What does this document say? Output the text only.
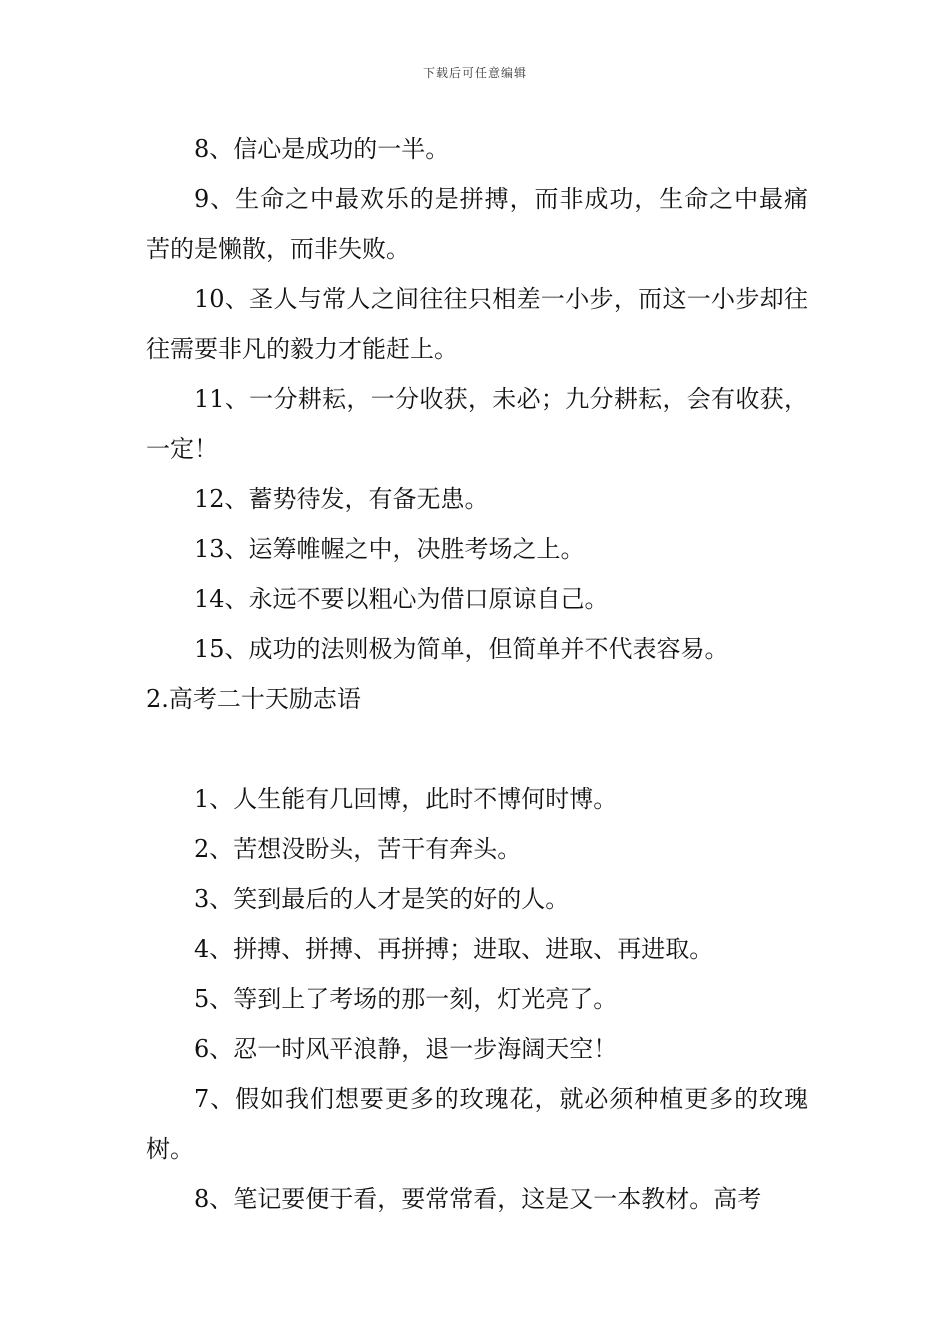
下载后可任意编辑

8、信心是成功的一半。

9、生命之中最欢乐的是拼搏，而非成功，生命之中最痛苦的是懒散，而非失败。

10、圣人与常人之间往往只相差一小步，而这一小步却往往需要非凡的毅力才能赶上。

11、一分耕耘，一分收获，未必；九分耕耘，会有收获，一定！

12、蓄势待发，有备无患。

13、运筹帷幄之中，决胜考场之上。

14、永远不要以粗心为借口原谅自己。

15、成功的法则极为简单，但简单并不代表容易。

2.高考二十天励志语

1、人生能有几回博，此时不博何时博。

2、苦想没盼头，苦干有奔头。

3、笑到最后的人才是笑的好的人。

4、拼搏、拼搏、再拼搏；进取、进取、再进取。

5、等到上了考场的那一刻，灯光亮了。

6、忍一时风平浪静，退一步海阔天空！

7、假如我们想要更多的玫瑰花，就必须种植更多的玫瑰树。

8、笔记要便于看，要常常看，这是又一本教材。高考
